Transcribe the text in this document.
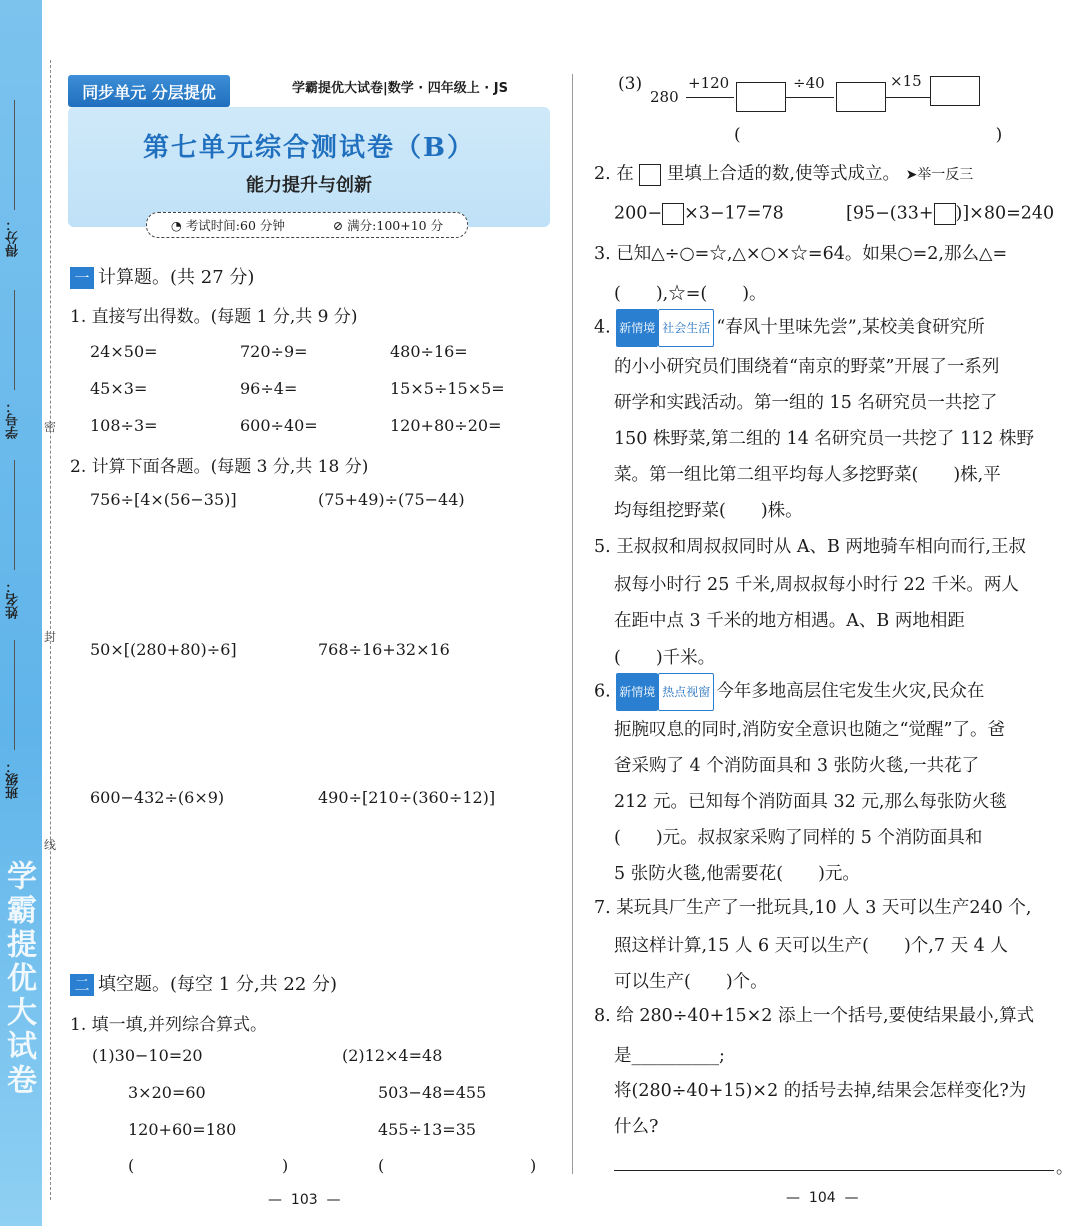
学霸提优大试卷
得分：
学号：
姓名：
班级：
密
封
线
同步单元 分层提优	学霸提优大试卷|数学 · 四年级上 · JS
第七单元综合测试卷（B）
能力提升与创新
◔ 考试时间:60 分钟	⊘ 满分:100+10 分
一 计算题。(共 27 分)
1. 直接写出得数。(每题 1 分,共 9 分)
24×50=	720÷9=	480÷16=
45×3=	96÷4=	15×5÷15×5=
108÷3=	600÷40=	120+80÷20=
2. 计算下面各题。(每题 3 分,共 18 分)
756÷[4×(56−35)]	(75+49)÷(75−44)
50×[(280+80)÷6]	768÷16+32×16
600−432÷(6×9)	490÷[210÷(360÷12)]
二 填空题。(每空 1 分,共 22 分)
1. 填一填,并列综合算式。
(1)30−10=20
3×20=60
120+60=180
(	)
(2)12×4=48
503−48=455
455÷13=35
(	)
(3)
280
+120	÷40	×15
(　　　　　　　　　　　　　　　)
2. 在 里填上合适的数,使等式成立。 ➤举一反三
200− ×3−17=78	[95−(33+ )]×80=240
3. 已知△÷○=☆,△×○×☆=64。如果○=2,那么△=
(　　),☆=(　　)。
4. 新情境 社会生活 “春风十里味先尝”,某校美食研究所
的小小研究员们围绕着“南京的野菜”开展了一系列
研学和实践活动。第一组的 15 名研究员一共挖了
150 株野菜,第二组的 14 名研究员一共挖了 112 株野
菜。第一组比第二组平均每人多挖野菜(　　)株,平
均每组挖野菜(　　)株。
5. 王叔叔和周叔叔同时从 A、B 两地骑车相向而行,王叔
叔每小时行 25 千米,周叔叔每小时行 22 千米。两人
在距中点 3 千米的地方相遇。A、B 两地相距
(　　)千米。
6. 新情境 热点视窗 今年多地高层住宅发生火灾,民众在
扼腕叹息的同时,消防安全意识也随之“觉醒”了。爸
爸采购了 4 个消防面具和 3 张防火毯,一共花了
212 元。已知每个消防面具 32 元,那么每张防火毯
(　　)元。叔叔家采购了同样的 5 个消防面具和
5 张防火毯,他需要花(　　)元。
7. 某玩具厂生产了一批玩具,10 人 3 天可以生产240 个,
照这样计算,15 人 6 天可以生产(　　)个,7 天 4 人
可以生产(　　)个。
8. 给 280÷40+15×2 添上一个括号,要使结果最小,算式
是__________;
将(280÷40+15)×2 的括号去掉,结果会怎样变化?为
什么?
。
— 103 —	— 104 —
